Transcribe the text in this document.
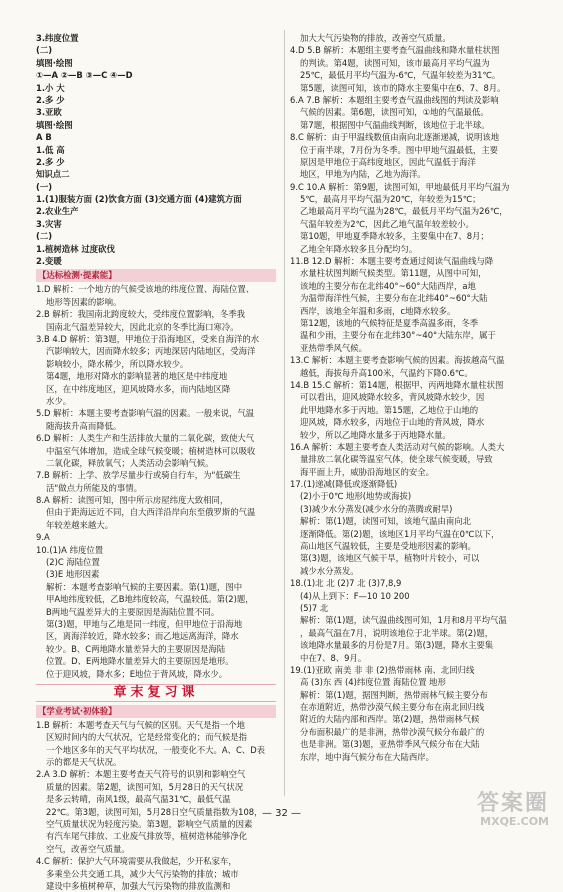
3.纬度位置
(二)
填图·绘图
①—A ②—B ③—C ④—D
1.小 大
2.多 少
3.亚欧
填图·绘图
A B
1.低 高
2.多 少
知识点二
(一)
1.(1)服装方面 (2)饮食方面 (3)交通方面 (4)建筑方面
2.农业生产
3.灾害
(二)
1.植树造林 过度砍伐
2.变暖
【达标检测·提素能】
1.D 解析：一个地方的气候受该地的纬度位置、海陆位置、
地形等因素的影响。
2.B 解析：我国南北跨度较大，受纬度位置影响，冬季我
国南北气温差异较大，因此北京的冬季比海口寒冷。
3.B 4.D 解析：第3题，甲地位于沿海地区，受来自海洋的水
汽影响较大，因而降水较多；丙地深居内陆地区，受海洋
影响较小，降水稀少，所以降水较少。
第4题，地形对降水的影响显著的地区是中纬度地
区，在中纬度地区，迎风坡降水多，而内陆地区降
水少。
5.D 解析：本题主要考查影响气温的因素。一般来说，气温
随海拔升高而降低。
6.D 解析：人类生产和生活排放大量的二氧化碳，致使大气
中温室气体增加，造成全球气候变暖；植树造林可以吸收
二氧化碳，释放氧气；人类活动会影响气候。
7.B 解析：上学、放学尽量步行或骑自行车，为"低碳生
活"做点力所能及的事情。
8.A 解析：读图可知，图中所示房屋纬度大致相同，
但由于距海远近不同，自大西洋沿岸向东至俄罗斯的气温
年较差越来越大。
9.A
10.(1)A 纬度位置
(2)C 海陆位置
(3)E 地形因素
解析：本题考查影响气候的主要因素。第(1)题，图中
甲A地纬度较低，乙B地纬度较高，气温较低。第(2)题，
B两地气温差异大的主要原因是海陆位置不同。
第(3)题，甲地与乙地是同一纬度，但甲地位于沿海地
区，离海洋较近，降水较多；而乙地远离海洋，降水
较少。B、C两地降水量差异大的主要原因是海陆
位置。D、E两地降水量差异大的主要原因是地形。
位于迎风坡，降水多；E地位于背风坡，降水少。
章末复习课
【学业考试·初体验】
1.B 解析：本题考查天气与气候的区别。天气是指一个地
区短时间内的大气状况，它是经常变化的；而气候是指
一个地区多年的天气平均状况，一般变化不大。A、C、D表
示的都是天气状况。
2.A 3.D 解析：本题主要考查天气符号的识别和影响空气
质量的因素。第2题，读图可知，5月28日的天气状况
是多云转晴，南风1级，最高气温31℃，最低气温
22℃。第3题，读图可知，5月28日空气质量指数为108，
空气质量状况为轻度污染。第3题，影响空气质量的因素
有汽车尾气排放、工业废气排放等，植树造林能够净化
空气，改善空气质量。
4.C 解析：保护大气环境需要从我做起，少开私家车，
多乘坐公共交通工具，减少大气污染物的排放；城市
建设中多植树种草，加强大气污染物的排放监测和
加大大气污染物的排放，改善空气质量。
4.D 5.B 解析：本题组主要考查气温曲线和降水量柱状图
的判读。第4题，读图可知，该市最高月平均气温为
25℃，最低月平均气温为-6℃，气温年较差为31℃。
第5题，读图可知，该市的降水主要集中在6、7、8月。
6.A 7.B 解析：本题组主要考查气温曲线图的判读及影响
气候的因素。第6题，读图可知，①地的气温最低。
第7题，根据图中气温曲线判断，该地位于北半球。
8.C 解析：由于甲温线数值由南向北逐渐递减，说明该地
位于南半球，7月份为冬季。图中甲地气温最低，主要
原因是甲地位于高纬度地区，因此气温低于海洋
地区，甲地为内陆，乙地为海洋。
9.C 10.A 解析：第9题，读图可知，甲地最低月平均气温为
5℃，最高月平均气温为20℃，年较差为15℃；
乙地最高月平均气温为28℃，最低月平均气温为26℃，
气温年较差为2℃，因此乙地气温年较差较小。
第10题，甲地夏季降水较多，主要集中在7、8月；
乙地全年降水较多且分配均匀。
11.B 12.D 解析：本题主要考查通过阅读气温曲线与降
水量柱状图判断气候类型。第11题，从图中可知，
该地的主要分布在北纬40°~60°大陆西岸，a地
为温带海洋性气候，主要分布在北纬40°~60°大陆
西岸，该地全年温和多雨，c地降水较多。
第12题，该地的气候特征是夏季高温多雨，冬季
温和少雨，主要分布在北纬30°~40°大陆东岸，属于
亚热带季风气候。
13.C 解析：本题主要考查影响气候的因素。海拔越高气温
越低，海拔每升高100米，气温约下降0.6℃。
14.B 15.C 解析：第14题，根据甲、丙两地降水量柱状图
可以看出，迎风坡降水较多，背风坡降水较少，因
此甲地降水多于丙地。第15题，乙地位于山地的
迎风坡，降水较多，丙地位于山地的背风坡，降水
较少，所以乙地降水量多于丙地降水量。
16.A 解析：本题主要考查人类活动对气候的影响。人类大
量排放二氧化碳等温室气体，使全球气候变暖，导致
海平面上升，威胁沿海地区的安全。
17.(1)递减(降低或逐渐降低)
(2)小于0℃ 地形(地势或海拔)
(3)减少水分蒸发(减少水分的蒸腾或耐旱)
解析：第(1)题，读图可知，该地气温由南向北
逐渐降低。第(2)题，该地区1月平均气温在0℃以下，
高山地区气温较低，主要是受地形因素的影响。
第(3)题，该地区气候干旱，植物叶片较小，可以
减少水分蒸发。
18.(1)北 北 (2)7 北 (3)7,8,9
(4)从上到下：F—10 10 200
(5)7 北
解析：第(1)题，读气温曲线图可知，1月和8月平均气温
，最高气温在7月，说明该地位于北半球。第(2)题，
该地降水量最多的月份是7月。第(3)题，降水主要集
中在7、8、9月。
19.(1)亚欧 南美 非 非 (2)热带雨林 南、北回归线
高 (3)东 西 (4)纬度位置 海陆位置 地形
解析：第(1)题，据图判断，热带雨林气候主要分布
在赤道附近，热带沙漠气候主要分布在南北回归线
附近的大陆内部和西岸。第(2)题，热带雨林气候
分布面积最广的是非洲，热带沙漠气候分布最广的
也是非洲。第(3)题，亚热带季风气候分布在大陆
东岸，地中海气候分布在大陆西岸。
— 32 —	答案圈
MXQE.COM
